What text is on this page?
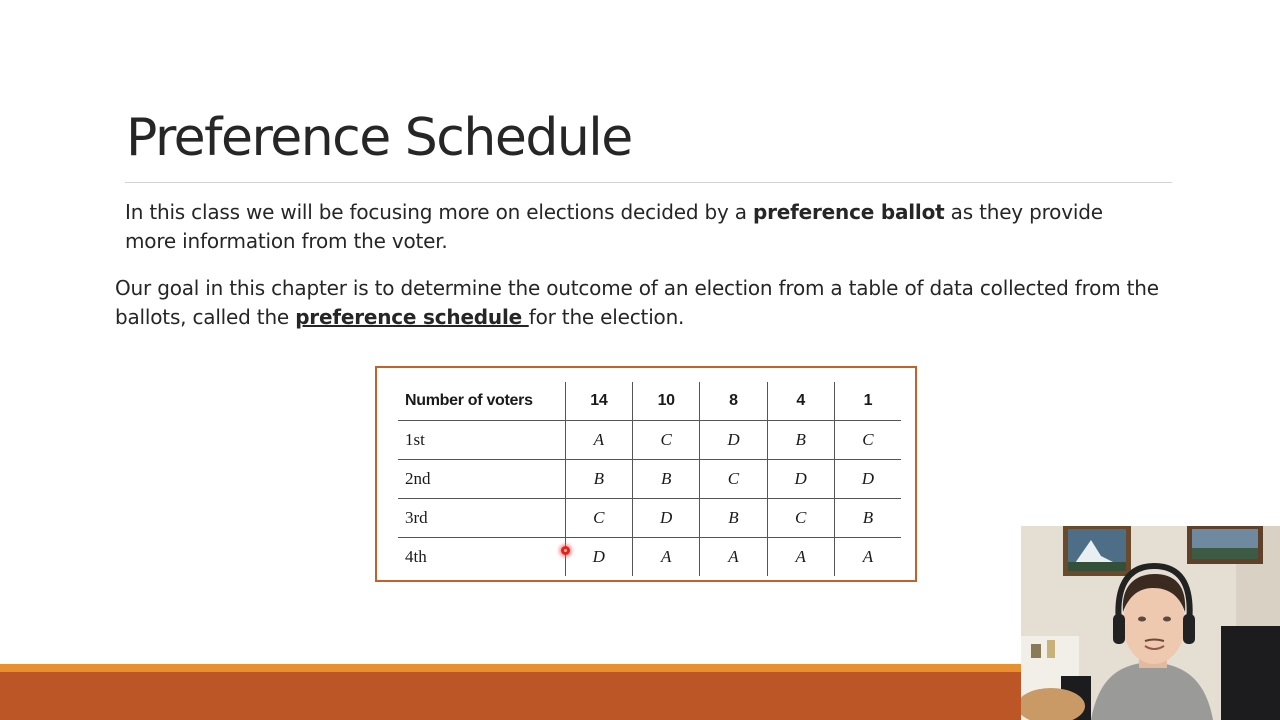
Preference Schedule

In this class we will be focusing more on elections decided by a preference ballot as they provide more information from the voter.

Our goal in this chapter is to determine the outcome of an election from a table of data collected from the ballots, called the preference schedule for the election.

Number of voters	14	10	8	4	1
1st	A	C	D	B	C
2nd	B	B	C	D	D
3rd	C	D	B	C	B
4th	D	A	A	A	A
